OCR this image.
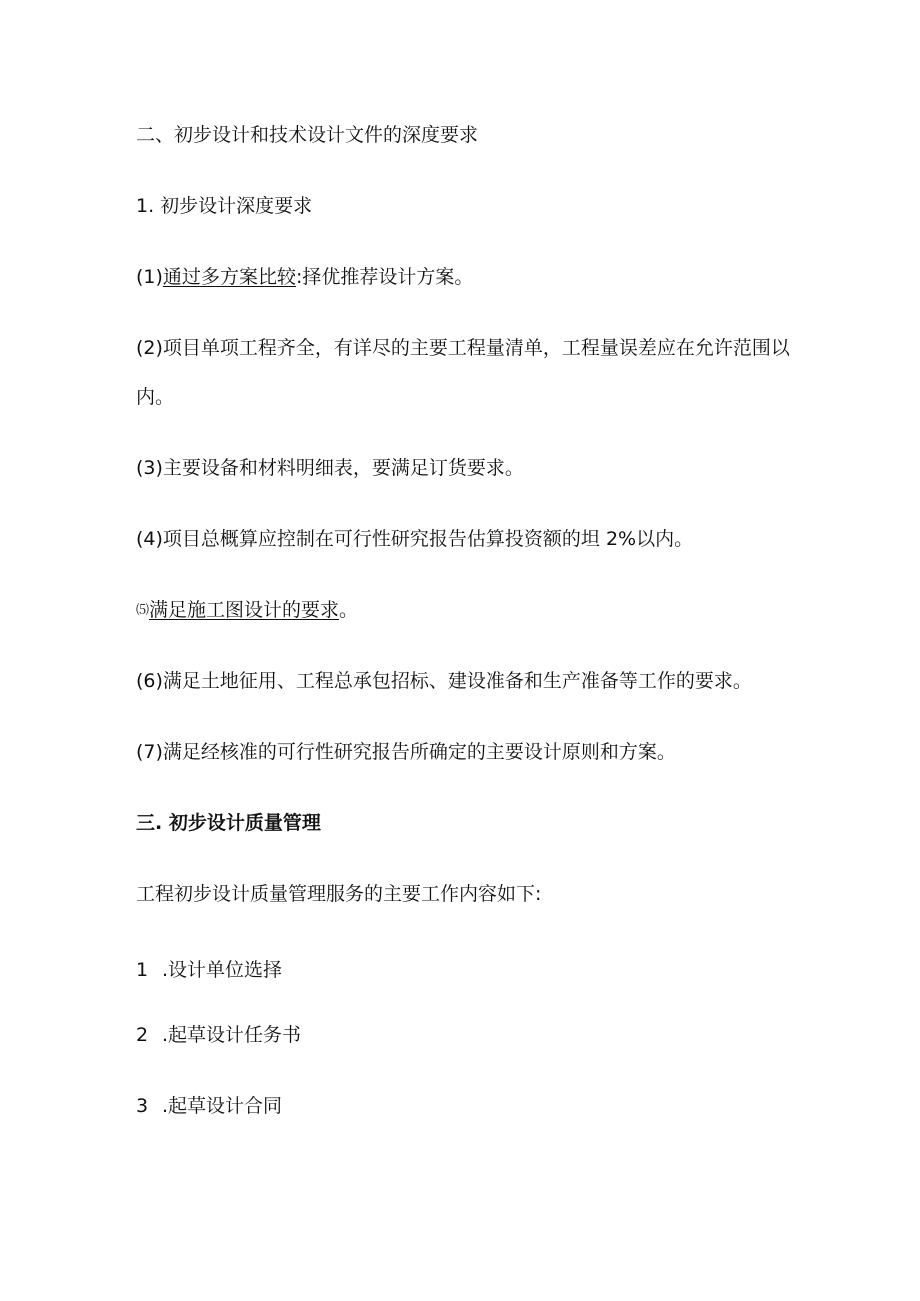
二、初步设计和技术设计文件的深度要求
1. 初步设计深度要求
(1)通过多方案比较:择优推荐设计方案。
(2)项目单项工程齐全，有详尽的主要工程量清单，工程量误差应在允许范围以
内。
(3)主要设备和材料明细表，要满足订货要求。
(4)项目总概算应控制在可行性研究报告估算投资额的坦 2%以内。
⑸满足施工图设计的要求。
(6)满足土地征用、工程总承包招标、建设准备和生产准备等工作的要求。
(7)满足经核准的可行性研究报告所确定的主要设计原则和方案。
三. 初步设计质量管理
工程初步设计质量管理服务的主要工作内容如下:
1 .设计单位选择
2 .起草设计任务书
3 .起草设计合同
